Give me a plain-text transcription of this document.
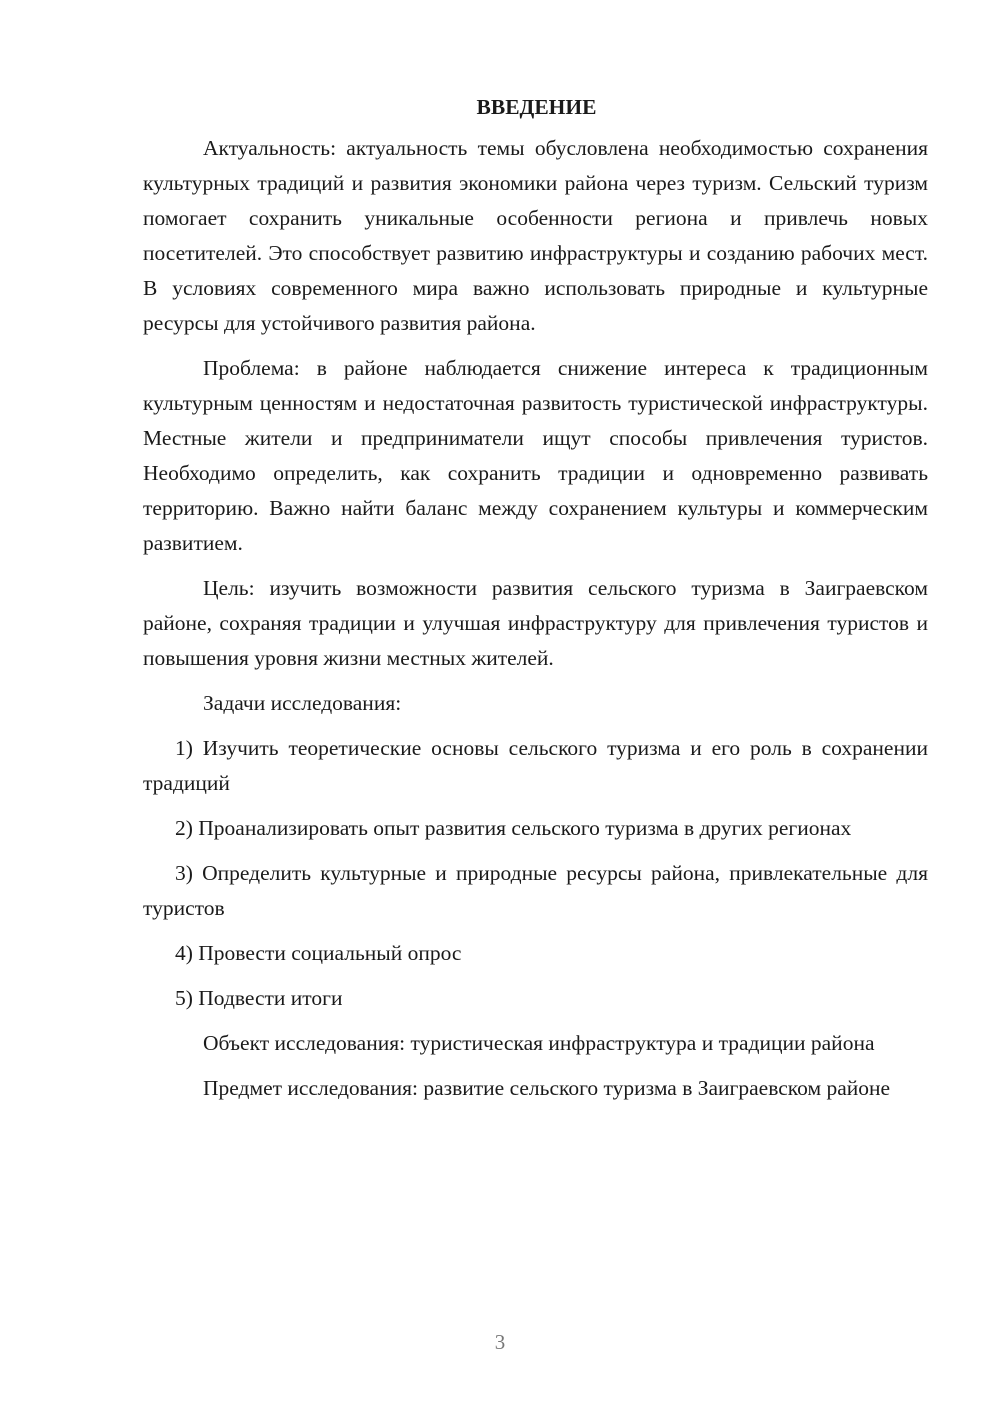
ВВЕДЕНИЕ

Актуальность: актуальность темы обусловлена необходимостью сохранения культурных традиций и развития экономики района через туризм. Сельский туризм помогает сохранить уникальные особенности региона и привлечь новых посетителей. Это способствует развитию инфраструктуры и созданию рабочих мест. В условиях современного мира важно использовать природные и культурные ресурсы для устойчивого развития района.

Проблема: в районе наблюдается снижение интереса к традиционным культурным ценностям и недостаточная развитость туристической инфраструктуры. Местные жители и предприниматели ищут способы привлечения туристов. Необходимо определить, как сохранить традиции и одновременно развивать территорию. Важно найти баланс между сохранением культуры и коммерческим развитием.

Цель: изучить возможности развития сельского туризма в Заиграевском районе, сохраняя традиции и улучшая инфраструктуру для привлечения туристов и повышения уровня жизни местных жителей.

Задачи исследования:

1) Изучить теоретические основы сельского туризма и его роль в сохранении традиций

2) Проанализировать опыт развития сельского туризма в других регионах

3) Определить культурные и природные ресурсы района, привлекательные для туристов

4) Провести социальный опрос

5) Подвести итоги

Объект исследования: туристическая инфраструктура и традиции района

Предмет исследования: развитие сельского туризма в Заиграевском районе

3
